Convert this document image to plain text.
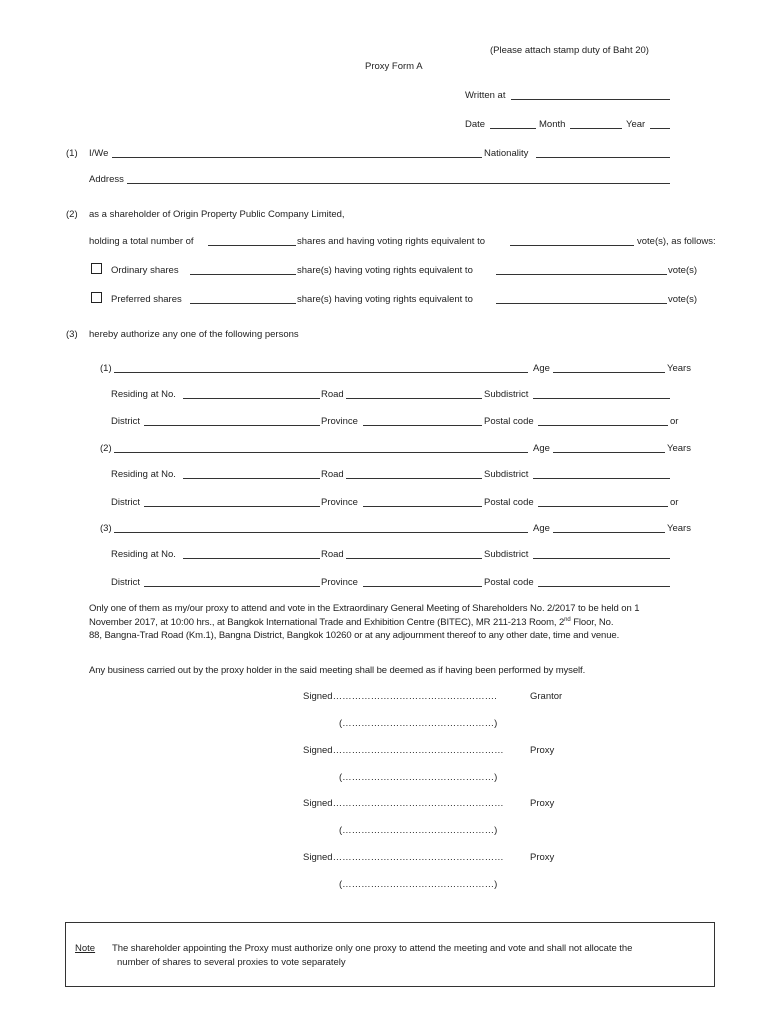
(Please attach stamp duty of Baht 20)
Proxy Form A
Written at
Date	Month	Year
(1) I/We	Nationality
Address
(2) as a shareholder of Origin Property Public Company Limited,
holding a total number of	shares and having voting rights equivalent to	vote(s), as follows:
Ordinary shares	share(s) having voting rights equivalent to	vote(s)
Preferred shares	share(s) having voting rights equivalent to	vote(s)
(3) hereby authorize any one of the following persons
(1)	Age	Years
Residing at No.	Road	Subdistrict
District	Province	Postal code	or
(2)	Age	Years
Residing at No.	Road	Subdistrict
District	Province	Postal code	or
(3)	Age	Years
Residing at No.	Road	Subdistrict
District	Province	Postal code
Only one of them as my/our proxy to attend and vote in the Extraordinary General Meeting of Shareholders No. 2/2017 to be held on 1
November 2017, at 10:00 hrs., at Bangkok International Trade and Exhibition Centre (BITEC), MR 211-213 Room, 2nd Floor, No.
88, Bangna-Trad Road (Km.1), Bangna District, Bangkok 10260 or at any adjournment thereof to any other date, time and venue.
Any business carried out by the proxy holder in the said meeting shall be deemed as if having been performed by myself.
Signed…………………………………………….	Grantor
(…………………………………………)
Signed………………………………………………	Proxy
(…………………………………………)
Signed………………………………………………	Proxy
(…………………………………………)
Signed………………………………………………	Proxy
(…………………………………………)
Note The shareholder appointing the Proxy must authorize only one proxy to attend the meeting and vote and shall not allocate the
number of shares to several proxies to vote separately
